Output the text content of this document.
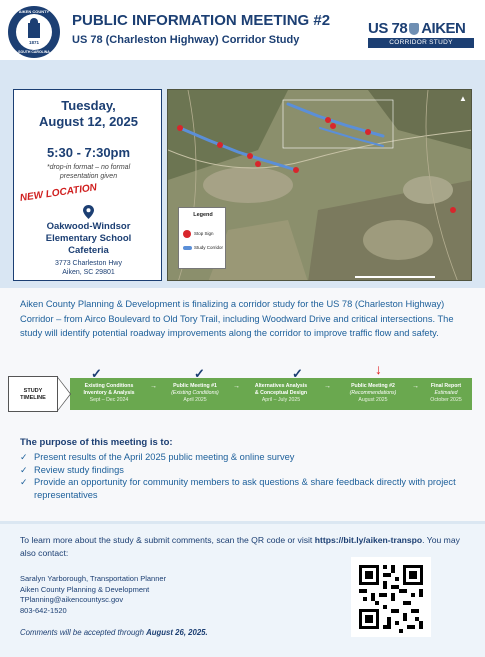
AIKEN COUNTY
1871
SOUTH CAROLINA
PUBLIC INFORMATION MEETING #2
US 78 (Charleston Highway) Corridor Study
US 78 AIKEN
CORRIDOR STUDY
Tuesday,
August 12, 2025
5:30 - 7:30pm
*drop-in format – no formal
presentation given
NEW LOCATION
Oakwood-Windsor
Elementary School
Cafeteria
3773 Charleston Hwy
Aiken, SC 29801
▲
Legend
Stop Sign
Study Corridor
Aiken County Planning & Development is finalizing a corridor study for the US 78 (Charleston Highway) Corridor – from Airco Boulevard to Old Tory Trail, including Woodward Drive and critical intersections. The study will identify potential roadway improvements along the corridor to improve traffic flow and safety.
STUDY
TIMELINE
✓	✓	✓	↓
Existing Conditions
Inventory & Analysis
Sept – Dec 2024
→	Public Meeting #1
(Existing Conditions)
April 2025
→	Alternatives Analysis
& Conceptual Design
April – July 2025
→	Public Meeting #2
(Recommendations)
August 2025
→	Final Report
Estimated
October 2025
The purpose of this meeting is to:
✓ Present results of the April 2025 public meeting & online survey
✓ Review study findings
✓ Provide an opportunity for community members to ask questions & share feedback directly with project representatives
To learn more about the study & submit comments, scan the QR code or visit https://bit.ly/aiken-transpo. You may also contact:
Saralyn Yarborough, Transportation Planner
Aiken County Planning & Development
TPlanning@aikencountysc.gov
803-642-1520
Comments will be accepted through August 26, 2025.
